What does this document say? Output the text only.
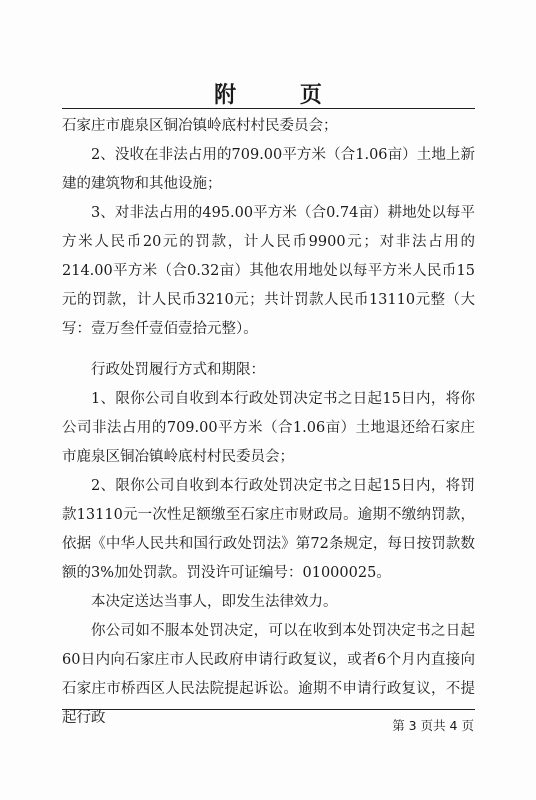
附 页

石家庄市鹿泉区铜冶镇岭底村村民委员会；

2、没收在非法占用的709.00平方米（合1.06亩）土地上新建的建筑物和其他设施；

3、对非法占用的495.00平方米（合0.74亩）耕地处以每平方米人民币20元的罚款，计人民币9900元；对非法占用的214.00平方米（合0.32亩）其他农用地处以每平方米人民币15元的罚款，计人民币3210元；共计罚款人民币13110元整（大写：壹万叁仟壹佰壹拾元整）。

行政处罚履行方式和期限：

1、限你公司自收到本行政处罚决定书之日起15日内，将你公司非法占用的709.00平方米（合1.06亩）土地退还给石家庄市鹿泉区铜冶镇岭底村村民委员会；

2、限你公司自收到本行政处罚决定书之日起15日内，将罚款13110元一次性足额缴至石家庄市财政局。逾期不缴纳罚款，依据《中华人民共和国行政处罚法》第72条规定，每日按罚款数额的3%加处罚款。罚没许可证编号：01000025。

本决定送达当事人，即发生法律效力。

你公司如不服本处罚决定，可以在收到本处罚决定书之日起60日内向石家庄市人民政府申请行政复议，或者6个月内直接向石家庄市桥西区人民法院提起诉讼。逾期不申请行政复议，不提起行政	第 3 页共 4 页
